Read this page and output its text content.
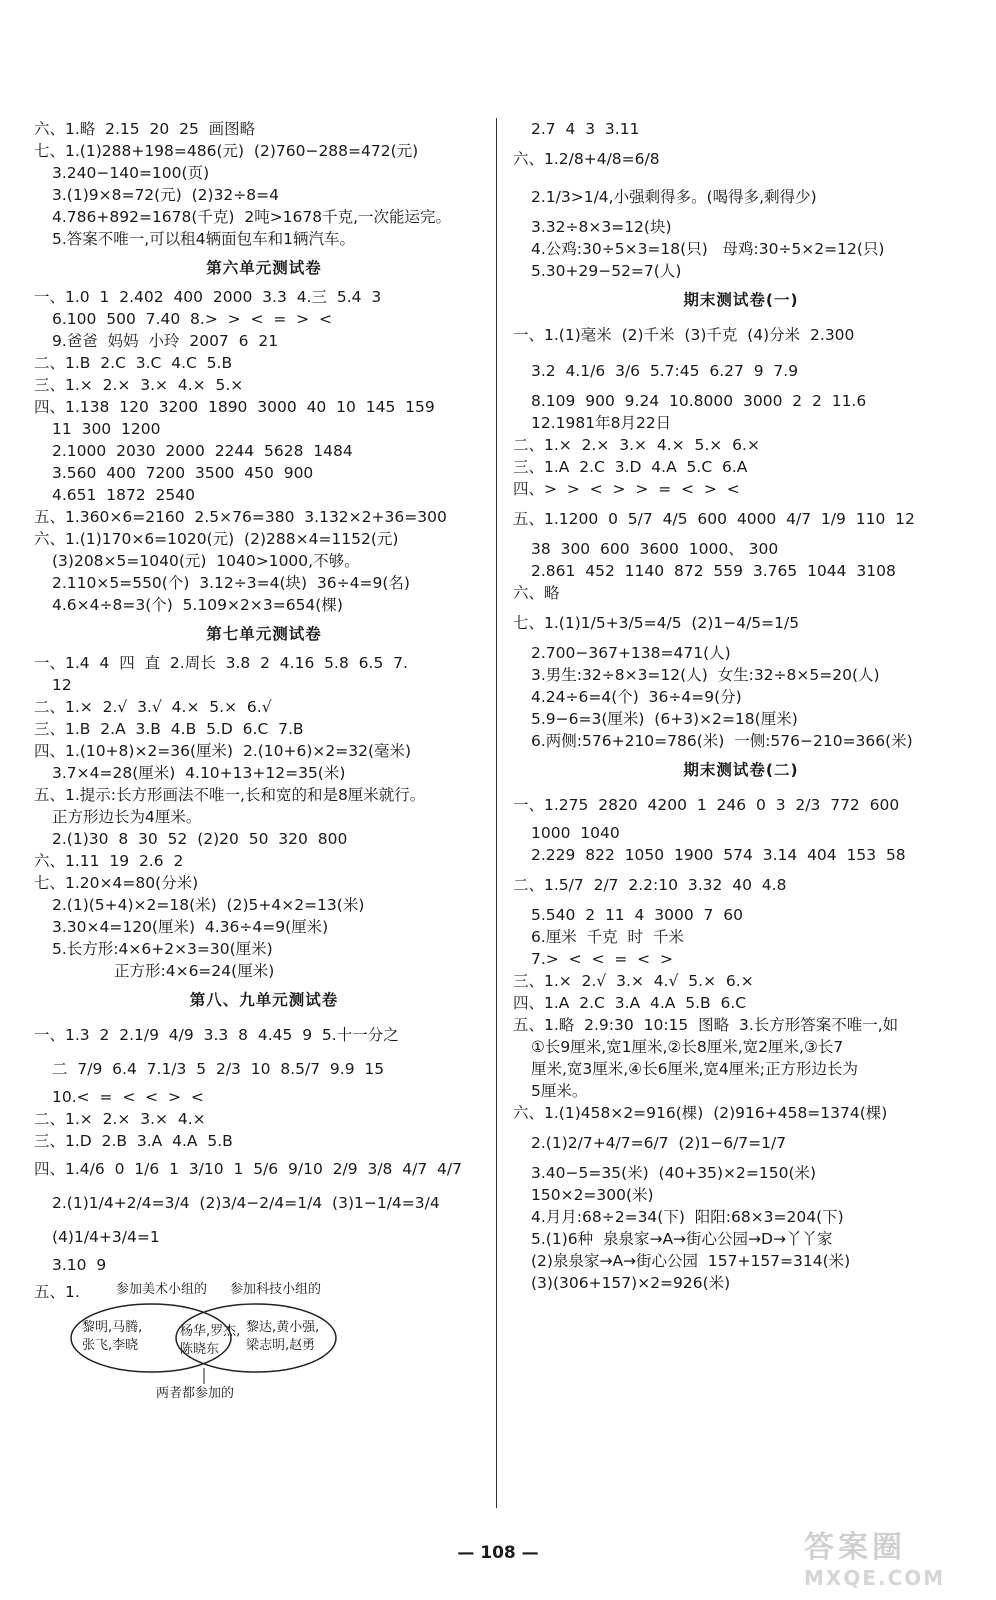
六、1.略  2.15  20  25  画图略
七、1.(1)288+198=486(元)  (2)760−288=472(元)
3.240−140=100(页)
3.(1)9×8=72(元)  (2)32÷8=4
4.786+892=1678(千克)  2吨>1678千克,一次能运完。
5.答案不唯一,可以租4辆面包车和1辆汽车。
第六单元测试卷
一、1.0  1  2.402  400  2000  3.3  4.三  5.4  3
6.100  500  7.40  8.>  >  <  =  >  <
9.爸爸  妈妈  小玲  2007  6  21
二、1.B  2.C  3.C  4.C  5.B
三、1.×  2.×  3.×  4.×  5.×
四、1.138  120  3200  1890  3000  40  10  145  159
11  300  1200
2.1000  2030  2000  2244  5628  1484
3.560  400  7200  3500  450  900
4.651  1872  2540
五、1.360×6=2160  2.5×76=380  3.132×2+36=300
六、1.(1)170×6=1020(元)  (2)288×4=1152(元)
(3)208×5=1040(元)  1040>1000,不够。
2.110×5=550(个)  3.12÷3=4(块)  36÷4=9(名)
4.6×4÷8=3(个)  5.109×2×3=654(棵)
第七单元测试卷
一、1.4  4  四  直  2.周长  3.8  2  4.16  5.8  6.5  7.
12
二、1.×  2.√  3.√  4.×  5.×  6.√
三、1.B  2.A  3.B  4.B  5.D  6.C  7.B
四、1.(10+8)×2=36(厘米)  2.(10+6)×2=32(毫米)
3.7×4=28(厘米)  4.10+13+12=35(米)
五、1.提示:长方形画法不唯一,长和宽的和是8厘米就行。
正方形边长为4厘米。
2.(1)30  8  30  52  (2)20  50  320  800
六、1.11  19  2.6  2
七、1.20×4=80(分米)
2.(1)(5+4)×2=18(米)  (2)5+4×2=13(米)
3.30×4=120(厘米)  4.36÷4=9(厘米)
5.长方形:4×6+2×3=30(厘米)
正方形:4×6=24(厘米)
第八、九单元测试卷
一、1.3  2  2.1/9  4/9  3.3  8  4.45  9  5.十一分之
二  7/9  6.4  7.1/3  5  2/3  10  8.5/7  9.9  15
10.<  =  <  <  >  <
二、1.×  2.×  3.×  4.×
三、1.D  2.B  3.A  4.A  5.B
四、1.4/6  0  1/6  1  3/10  1  5/6  9/10  2/9  3/8  4/7  4/7
2.(1)1/4+2/4=3/4  (2)3/4−2/4=1/4  (3)1−1/4=3/4
(4)1/4+3/4=1
3.10  9
五、1.	参加美术小组的 参加科技小组的
黎明,马腾,
张飞,李晓
杨华,罗杰,
陈晓东
黎达,黄小强,
梁志明,赵勇
两者都参加的
2.7  4  3  3.11
六、1.2/8+4/8=6/8
2.1/3>1/4,小强剩得多。(喝得多,剩得少)
3.32÷8×3=12(块)
4.公鸡:30÷5×3=18(只)   母鸡:30÷5×2=12(只)
5.30+29−52=7(人)
期末测试卷(一)
一、1.(1)毫米  (2)千米  (3)千克  (4)分米  2.300
3.2  4.1/6  3/6  5.7:45  6.27  9  7.9
8.109  900  9.24  10.8000  3000  2  2  11.6
12.1981年8月22日
二、1.×  2.×  3.×  4.×  5.×  6.×
三、1.A  2.C  3.D  4.A  5.C  6.A
四、>  >  <  >  >  =  <  >  <
五、1.1200  0  5/7  4/5  600  4000  4/7  1/9  110  12
38  300  600  3600  1000、 300
2.861  452  1140  872  559  3.765  1044  3108
六、略
七、1.(1)1/5+3/5=4/5  (2)1−4/5=1/5
2.700−367+138=471(人)
3.男生:32÷8×3=12(人)  女生:32÷8×5=20(人)
4.24÷6=4(个)  36÷4=9(分)
5.9−6=3(厘米)  (6+3)×2=18(厘米)
6.两侧:576+210=786(米)  一侧:576−210=366(米)
期末测试卷(二)
一、1.275  2820  4200  1  246  0  3  2/3  772  600
1000  1040
2.229  822  1050  1900  574  3.14  404  153  58
二、1.5/7  2/7  2.2:10  3.32  40  4.8
5.540  2  11  4  3000  7  60
6.厘米  千克  时  千米
7.>  <  <  =  <  >
三、1.×  2.√  3.×  4.√  5.×  6.×
四、1.A  2.C  3.A  4.A  5.B  6.C
五、1.略  2.9:30  10:15  图略  3.长方形答案不唯一,如
①长9厘米,宽1厘米,②长8厘米,宽2厘米,③长7
厘米,宽3厘米,④长6厘米,宽4厘米;正方形边长为
5厘米。
六、1.(1)458×2=916(棵)  (2)916+458=1374(棵)
2.(1)2/7+4/7=6/7  (2)1−6/7=1/7
3.40−5=35(米)  (40+35)×2=150(米)
150×2=300(米)
4.月月:68÷2=34(下)  阳阳:68×3=204(下)
5.(1)6种  泉泉家→A→街心公园→D→丫丫家
(2)泉泉家→A→街心公园  157+157=314(米)
(3)(306+157)×2=926(米)
— 108 —	答案圈
MXQE.COM
